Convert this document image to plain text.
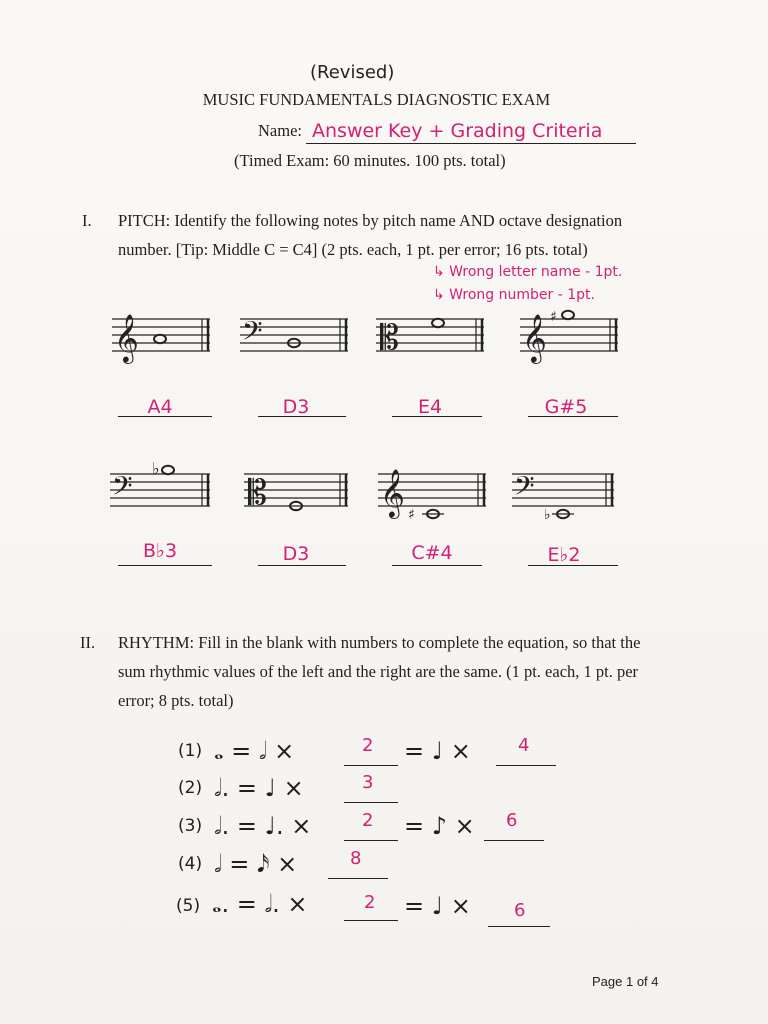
(Revised)
MUSIC FUNDAMENTALS DIAGNOSTIC EXAM
Name: Answer Key + Grading Criteria
(Timed Exam: 60 minutes. 100 pts. total)
I. PITCH: Identify the following notes by pitch name AND octave designation
number. [Tip: Middle C = C4] (2 pts. each, 1 pt. per error; 16 pts. total)
↳ Wrong letter name - 1pt.
↳ Wrong number - 1pt.
𝄞	𝄢	𝄡	𝄞 ♯
A4	D3	E4	G#5
𝄢
♭
𝄡	𝄞 ♯
𝄢
♭
B♭3	D3	C#4	E♭2
II. RHYTHM: Fill in the blank with numbers to complete the equation, so that the
sum rhythmic values of the left and the right are the same. (1 pt. each, 1 pt. per
error; 8 pts. total)
(1) 𝅝 = 𝅗𝅥 ×	2 = ♩ ×	4
(2) 𝅗𝅥. = ♩ ×	3
(3) 𝅗𝅥. = ♩. ×	2 = ♪ × 6
(4) 𝅗𝅥 = 𝅘𝅥𝅯 ×	8
(5) 𝅝. = 𝅗𝅥. ×	2 = ♩ × 6
Page 1 of 4
